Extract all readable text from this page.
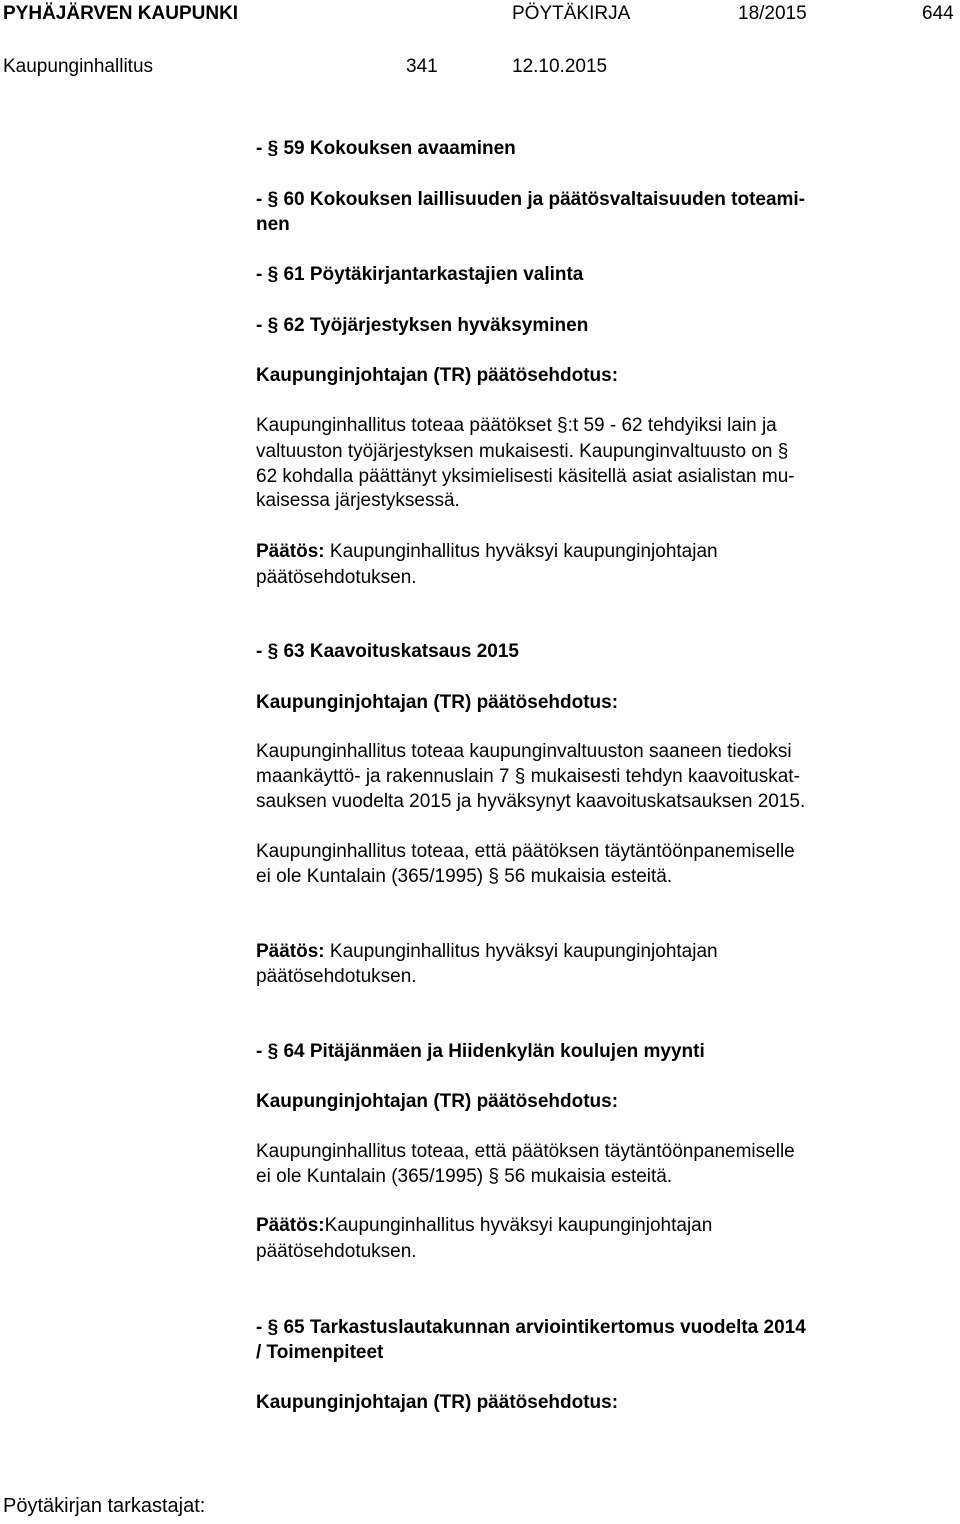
PYHÄJÄRVEN KAUPUNKI	PÖYTÄKIRJA	18/2015	644
Kaupunginhallitus	341	12.10.2015
- § 59 Kokouksen avaaminen
- § 60 Kokouksen laillisuuden ja päätösvaltaisuuden toteami-
nen
- § 61 Pöytäkirjantarkastajien valinta
- § 62 Työjärjestyksen hyväksyminen
Kaupunginjohtajan (TR) päätösehdotus:
Kaupunginhallitus toteaa päätökset §:t 59 - 62 tehdyiksi lain ja
valtuuston työjärjestyksen mukaisesti. Kaupunginvaltuusto on §
62 kohdalla päättänyt yksimielisesti käsitellä asiat asialistan mu-
kaisessa järjestyksessä.
Päätös: Kaupunginhallitus hyväksyi kaupunginjohtajan
päätösehdotuksen.
- § 63 Kaavoituskatsaus 2015
Kaupunginjohtajan (TR) päätösehdotus:
Kaupunginhallitus toteaa kaupunginvaltuuston saaneen tiedoksi
maankäyttö- ja rakennuslain 7 § mukaisesti tehdyn kaavoituskat-
sauksen vuodelta 2015 ja hyväksynyt kaavoituskatsauksen 2015.
Kaupunginhallitus toteaa, että päätöksen täytäntöönpanemiselle
ei ole Kuntalain (365/1995) § 56 mukaisia esteitä.
Päätös: Kaupunginhallitus hyväksyi kaupunginjohtajan
päätösehdotuksen.
- § 64 Pitäjänmäen ja Hiidenkylän koulujen myynti
Kaupunginjohtajan (TR) päätösehdotus:
Kaupunginhallitus toteaa, että päätöksen täytäntöönpanemiselle
ei ole Kuntalain (365/1995) § 56 mukaisia esteitä.
Päätös:Kaupunginhallitus hyväksyi kaupunginjohtajan
päätösehdotuksen.
- § 65 Tarkastuslautakunnan arviointikertomus vuodelta 2014
/ Toimenpiteet
Kaupunginjohtajan (TR) päätösehdotus:
Pöytäkirjan tarkastajat:
